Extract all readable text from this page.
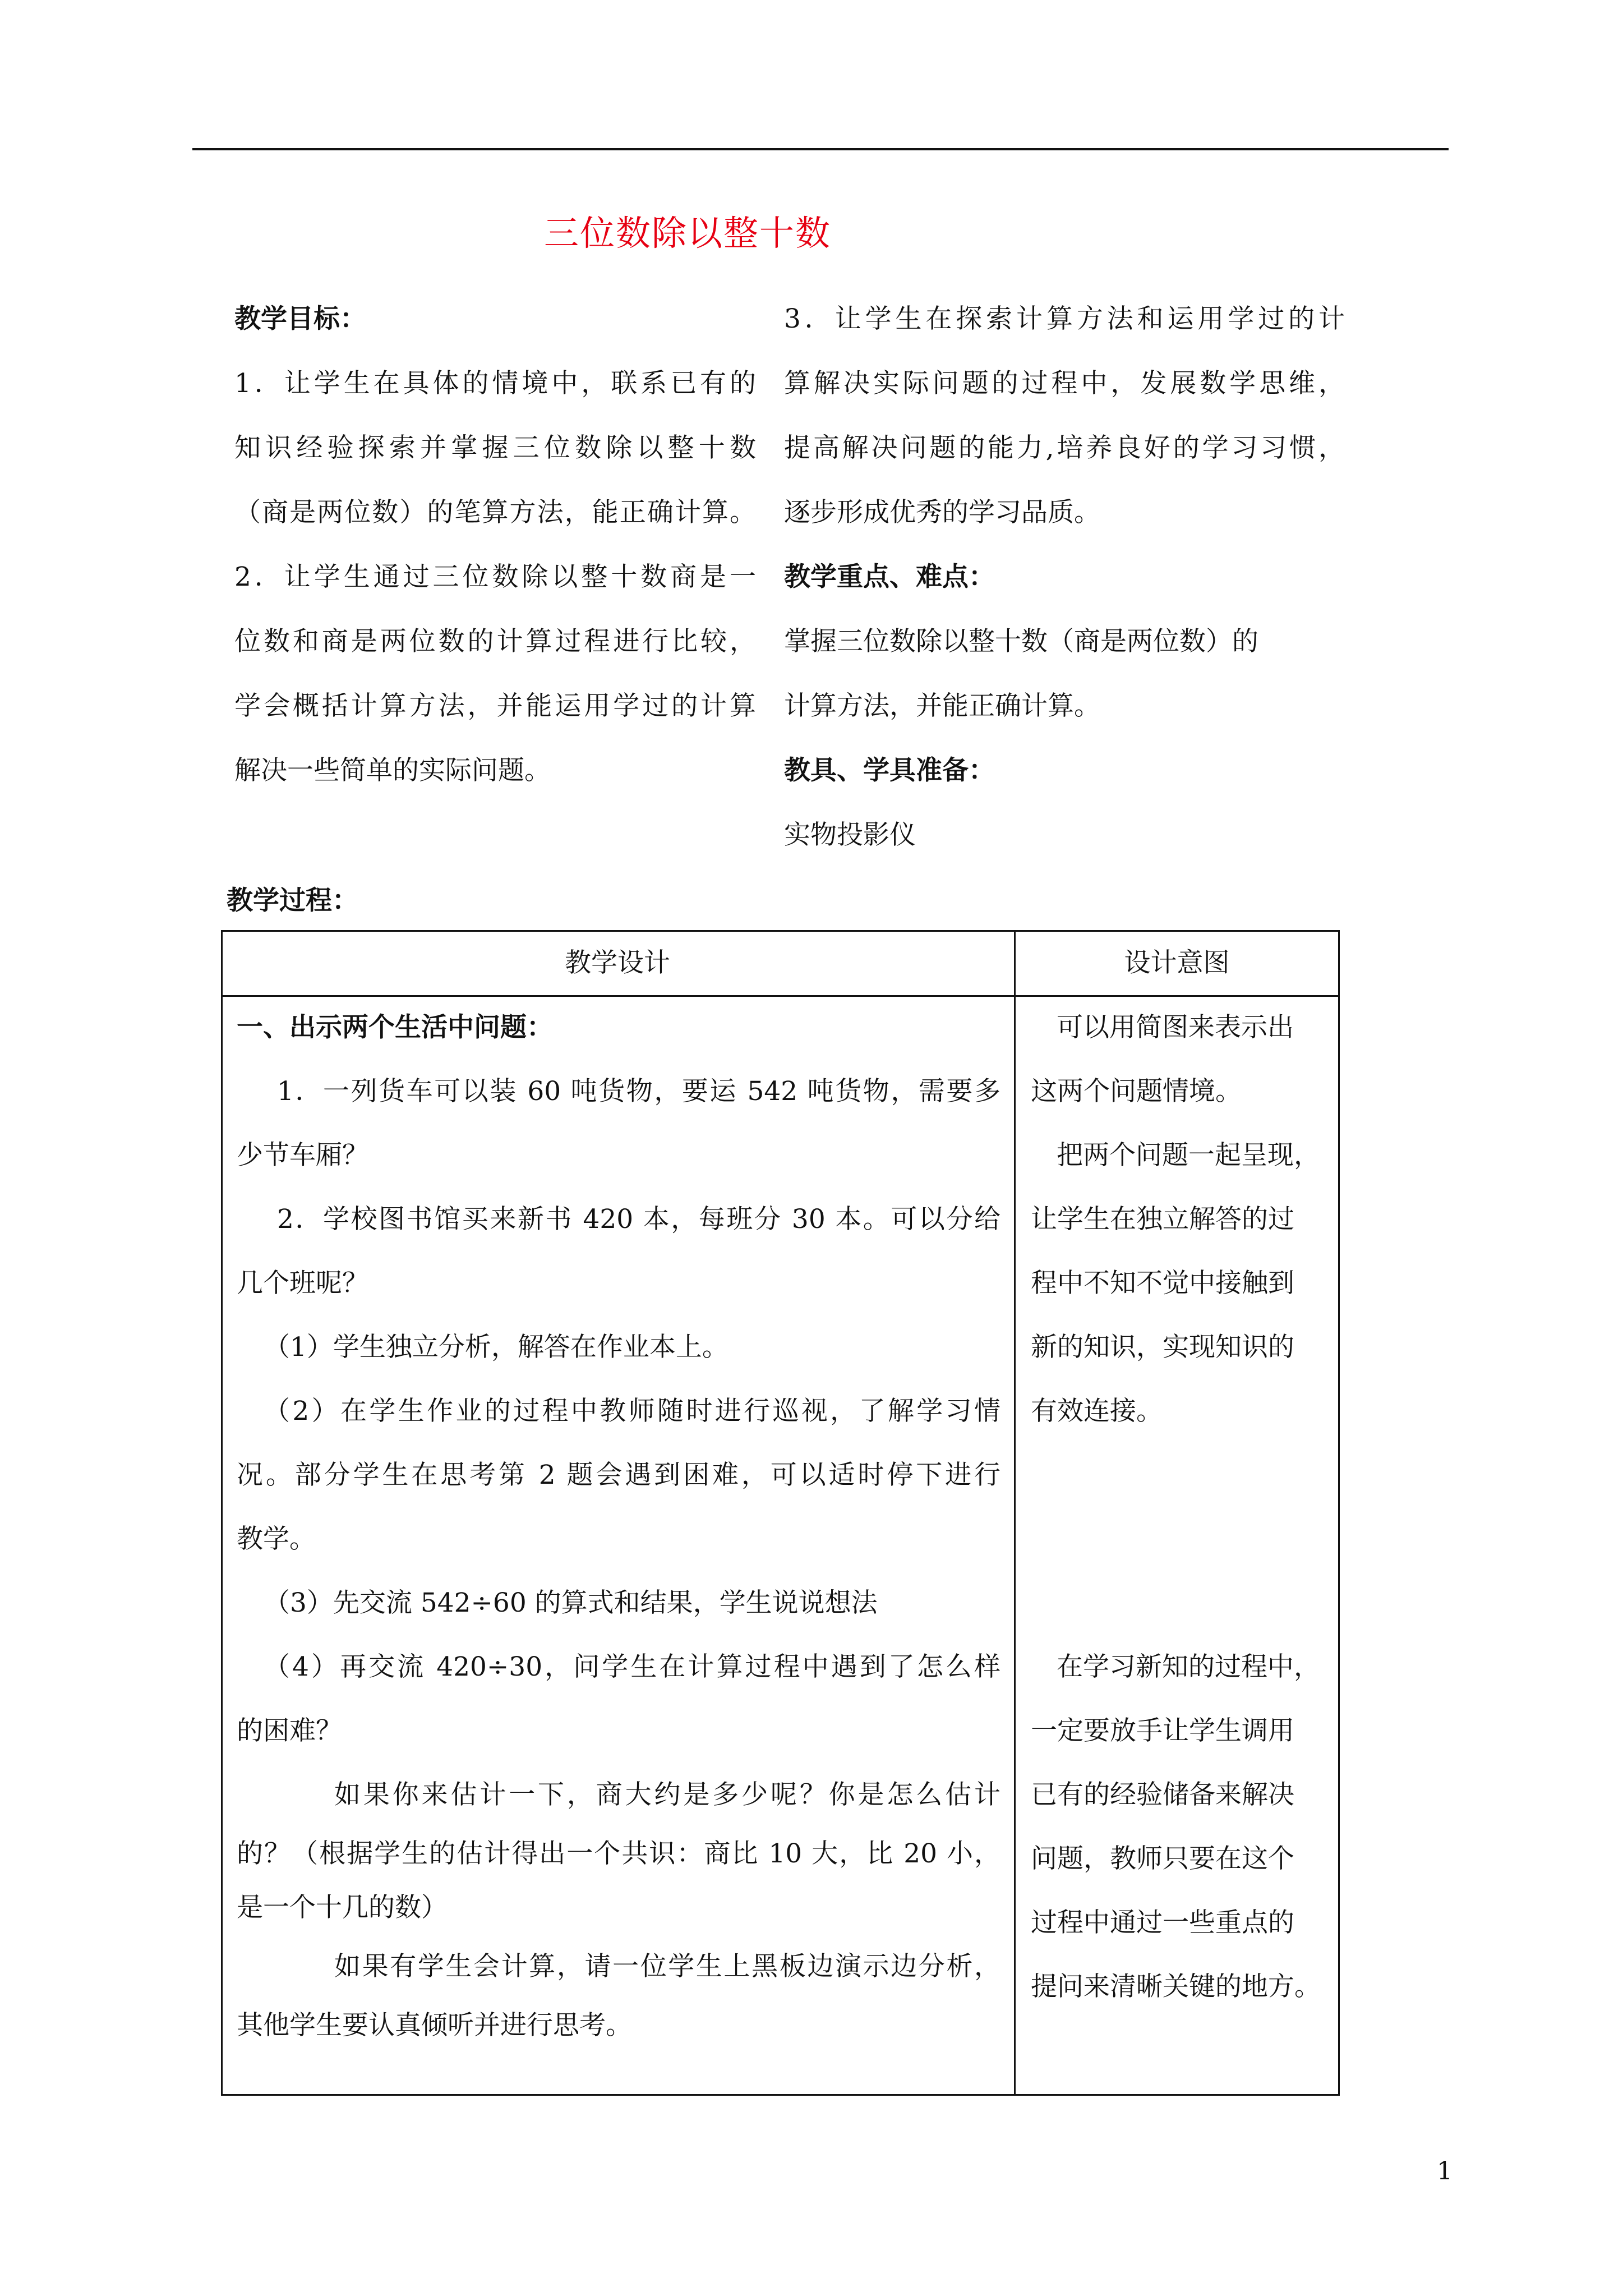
三位数除以整十数
教学目标：
1．让学生在具体的情境中，联系已有的
知识经验探索并掌握三位数除以整十数
（商是两位数）的笔算方法，能正确计算。
2．让学生通过三位数除以整十数商是一
位数和商是两位数的计算过程进行比较，
学会概括计算方法，并能运用学过的计算
解决一些简单的实际问题。
3．让学生在探索计算方法和运用学过的计
算解决实际问题的过程中，发展数学思维，
提高解决问题的能力,培养良好的学习习惯，
逐步形成优秀的学习品质。
教学重点、难点：
掌握三位数除以整十数（商是两位数）的
计算方法，并能正确计算。
教具、学具准备：
实物投影仪
教学过程：
教学设计	设计意图
一、出示两个生活中问题：
1．一列货车可以装 60 吨货物，要运 542 吨货物，需要多
少节车厢？
2．学校图书馆买来新书 420 本，每班分 30 本。可以分给
几个班呢？
（1）学生独立分析，解答在作业本上。
（2）在学生作业的过程中教师随时进行巡视，了解学习情
况。部分学生在思考第 2 题会遇到困难，可以适时停下进行
教学。
（3）先交流 542÷60 的算式和结果，学生说说想法
（4）再交流 420÷30，问学生在计算过程中遇到了怎么样
的困难？
如果你来估计一下，商大约是多少呢？你是怎么估计
的？（根据学生的估计得出一个共识：商比 10 大，比 20 小，
是一个十几的数）
如果有学生会计算，请一位学生上黑板边演示边分析，
其他学生要认真倾听并进行思考。
可以用简图来表示出
这两个问题情境。
把两个问题一起呈现，
让学生在独立解答的过
程中不知不觉中接触到
新的知识，实现知识的
有效连接。
在学习新知的过程中，
一定要放手让学生调用
已有的经验储备来解决
问题，教师只要在这个
过程中通过一些重点的
提问来清晰关键的地方。
1
